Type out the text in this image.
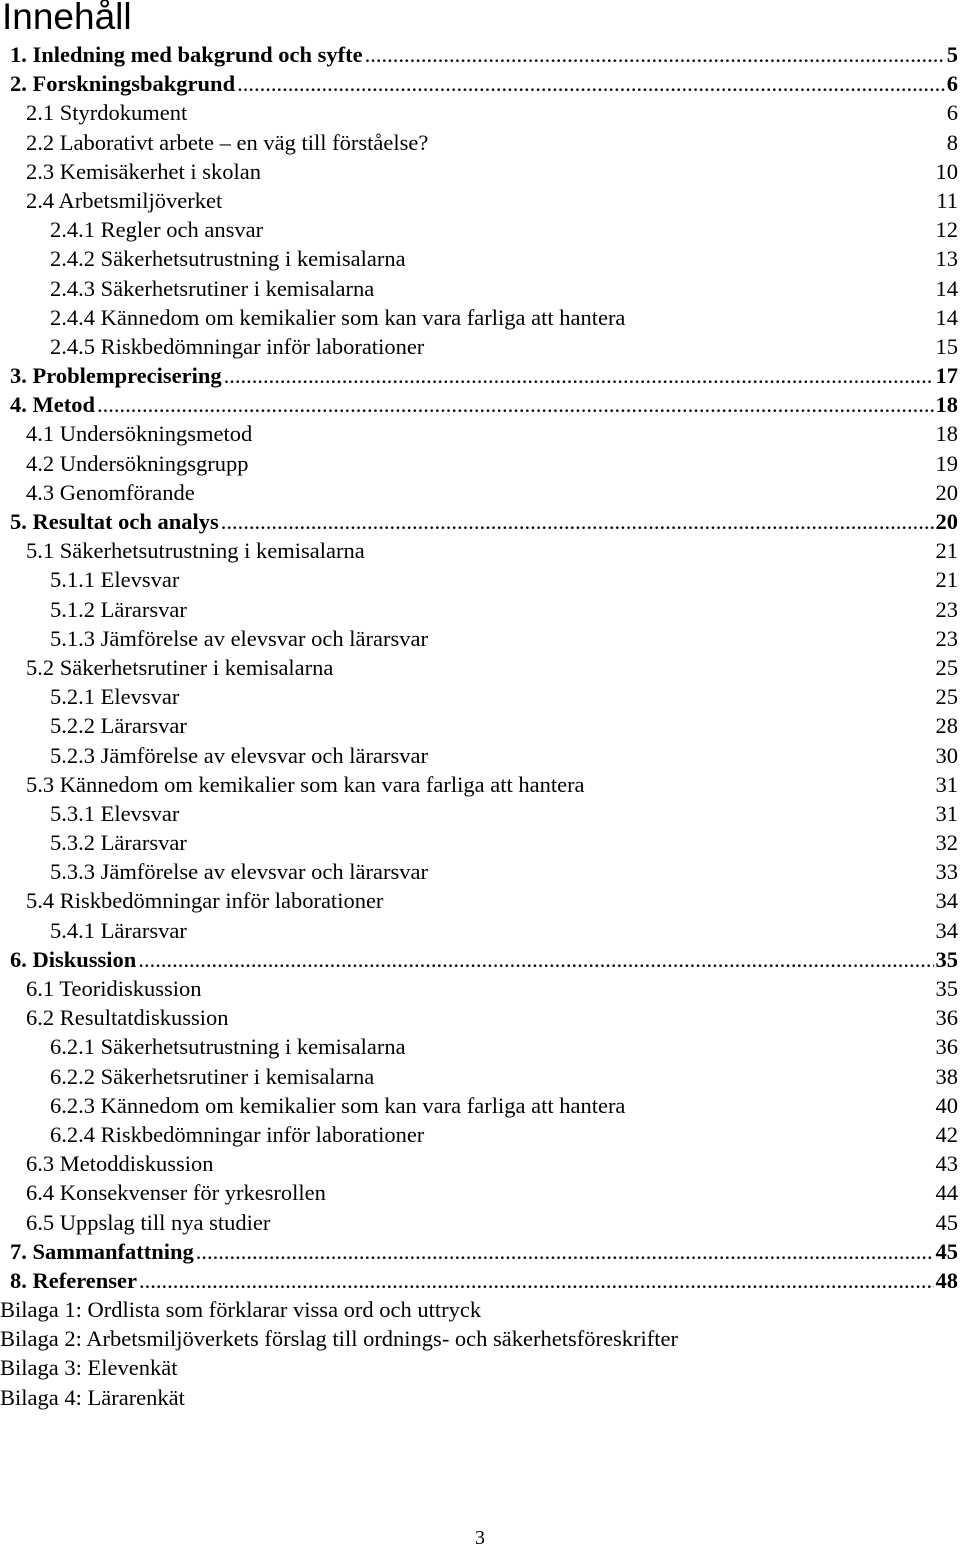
Innehåll
1. Inledning med bakgrund och syfte .....	5
2. Forskningsbakgrund .....	6
2.1 Styrdokument	6
2.2 Laborativt arbete – en väg till förståelse?	8
2.3 Kemisäkerhet i skolan	10
2.4 Arbetsmiljöverket	11
2.4.1 Regler och ansvar	12
2.4.2 Säkerhetsutrustning i kemisalarna	13
2.4.3 Säkerhetsrutiner i kemisalarna	14
2.4.4 Kännedom om kemikalier som kan vara farliga att hantera	14
2.4.5 Riskbedömningar inför laborationer	15
3. Problemprecisering .....	17
4. Metod .....	18
4.1 Undersökningsmetod	18
4.2 Undersökningsgrupp	19
4.3 Genomförande	20
5. Resultat och analys .....	20
5.1 Säkerhetsutrustning i kemisalarna	21
5.1.1 Elevsvar	21
5.1.2 Lärarsvar	23
5.1.3 Jämförelse av elevsvar och lärarsvar	23
5.2 Säkerhetsrutiner i kemisalarna	25
5.2.1 Elevsvar	25
5.2.2 Lärarsvar	28
5.2.3 Jämförelse av elevsvar och lärarsvar	30
5.3 Kännedom om kemikalier som kan vara farliga att hantera	31
5.3.1 Elevsvar	31
5.3.2 Lärarsvar	32
5.3.3 Jämförelse av elevsvar och lärarsvar	33
5.4 Riskbedömningar inför laborationer	34
5.4.1 Lärarsvar	34
6. Diskussion .....	35
6.1 Teoridiskussion	35
6.2 Resultatdiskussion	36
6.2.1 Säkerhetsutrustning i kemisalarna	36
6.2.2 Säkerhetsrutiner i kemisalarna	38
6.2.3 Kännedom om kemikalier som kan vara farliga att hantera	40
6.2.4 Riskbedömningar inför laborationer	42
6.3 Metoddiskussion	43
6.4 Konsekvenser för yrkesrollen	44
6.5 Uppslag till nya studier	45
7. Sammanfattning .....	45
8. Referenser .....	48
Bilaga 1: Ordlista som förklarar vissa ord och uttryck
Bilaga 2: Arbetsmiljöverkets förslag till ordnings- och säkerhetsföreskrifter
Bilaga 3: Elevenkät
Bilaga 4: Lärarenkät
3
